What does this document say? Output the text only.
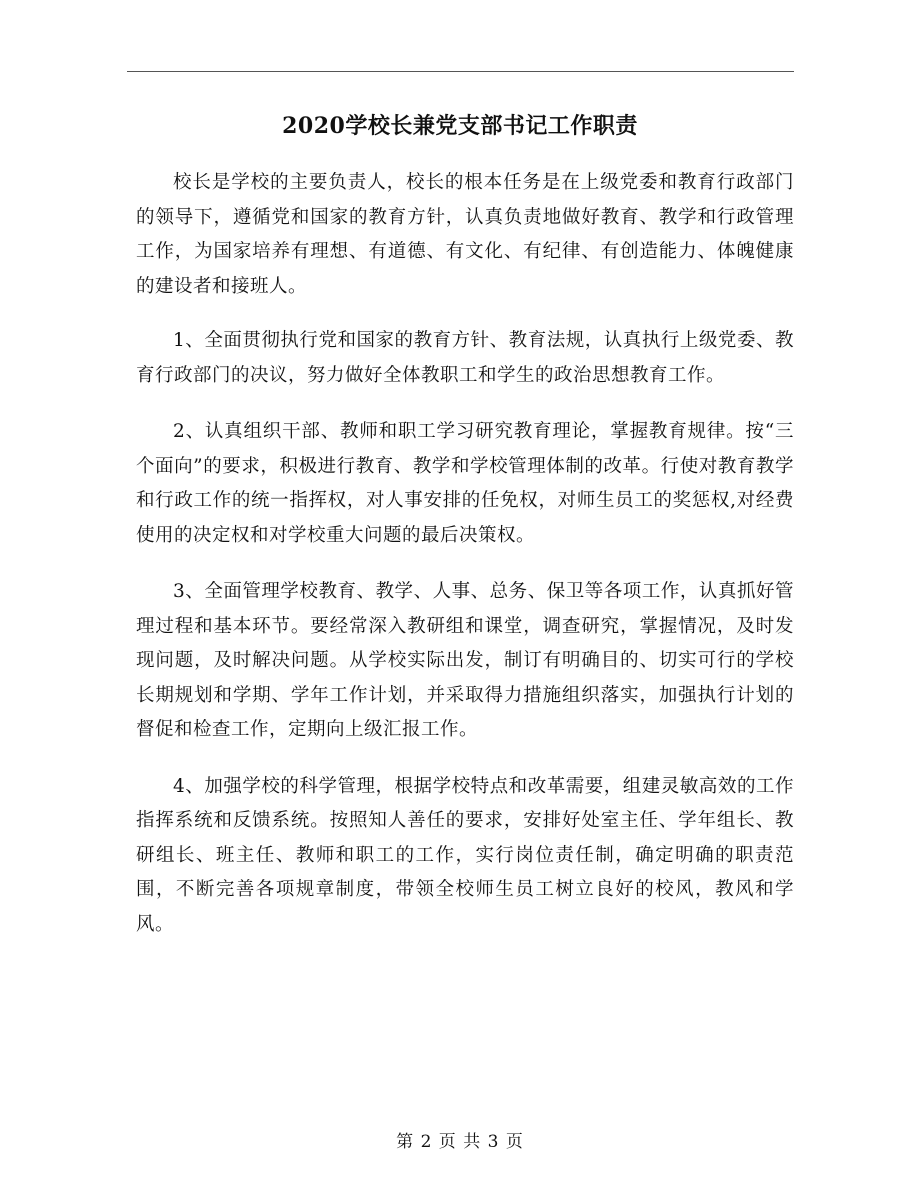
2020学校长兼党支部书记工作职责

校长是学校的主要负责人，校长的根本任务是在上级党委和教育行政部门的领导下，遵循党和国家的教育方针，认真负责地做好教育、教学和行政管理工作，为国家培养有理想、有道德、有文化、有纪律、有创造能力、体魄健康的建设者和接班人。

1、全面贯彻执行党和国家的教育方针、教育法规，认真执行上级党委、教育行政部门的决议，努力做好全体教职工和学生的政治思想教育工作。

2、认真组织干部、教师和职工学习研究教育理论，掌握教育规律。按“三个面向”的要求，积极进行教育、教学和学校管理体制的改革。行使对教育教学和行政工作的统一指挥权，对人事安排的任免权，对师生员工的奖惩权,对经费使用的决定权和对学校重大问题的最后决策权。

3、全面管理学校教育、教学、人事、总务、保卫等各项工作，认真抓好管理过程和基本环节。要经常深入教研组和课堂，调查研究，掌握情况，及时发现问题，及时解决问题。从学校实际出发，制订有明确目的、切实可行的学校长期规划和学期、学年工作计划，并采取得力措施组织落实，加强执行计划的督促和检查工作，定期向上级汇报工作。

4、加强学校的科学管理，根据学校特点和改革需要，组建灵敏高效的工作指挥系统和反馈系统。按照知人善任的要求，安排好处室主任、学年组长、教研组长、班主任、教师和职工的工作，实行岗位责任制，确定明确的职责范围，不断完善各项规章制度，带领全校师生员工树立良好的校风，教风和学风。

第 2 页 共 3 页
